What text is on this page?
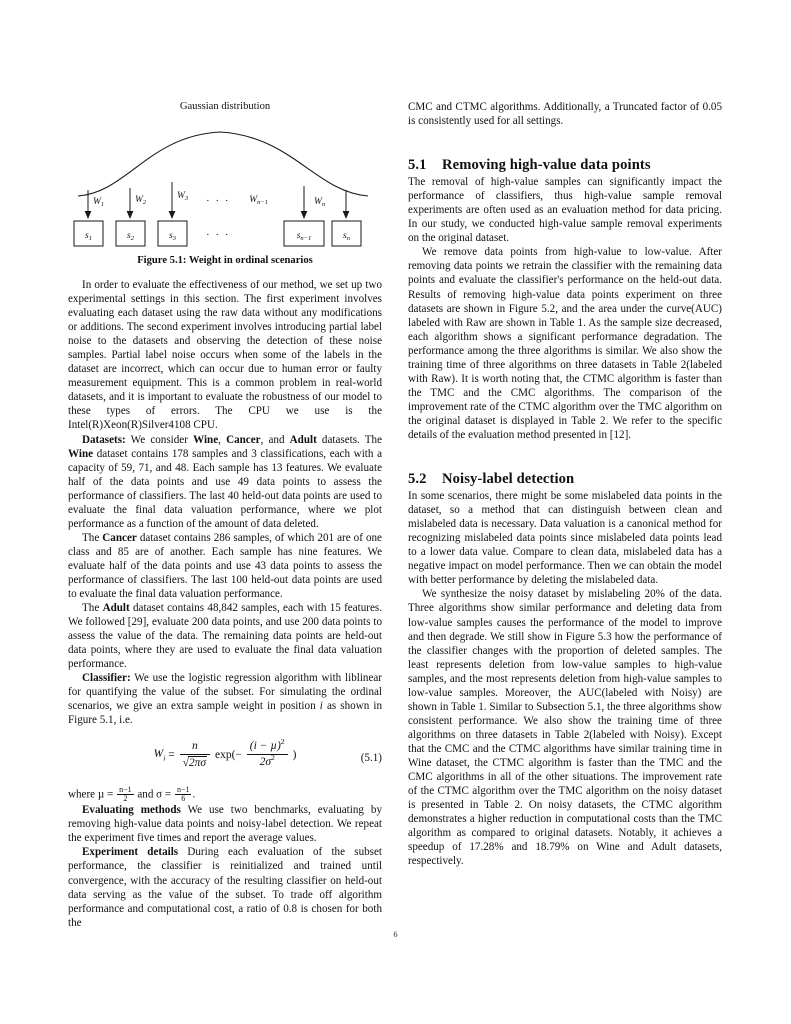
Gaussian distribution
$s_1$	$s_2$	$s_3$	$s_{n-1}$	$s_n$
$W_1$	$W_2$
$W_3$	$W_{n-1}$	$W_n$
· · ·
· · ·
Figure 5.1: Weight in ordinal scenarios

In order to evaluate the effectiveness of our method, we set up two experimental settings in this section. The first experiment involves evaluating each dataset using the raw data without any modifications or additions. The second experiment involves introducing partial label noise to the datasets and observing the detection of these noise samples. Partial label noise occurs when some of the labels in the dataset are incorrect, which can occur due to human error or faulty measurement equipment. This is a common problem in real-world datasets, and it is important to evaluate the robustness of our model to these types of errors. The CPU we use is the Intel(R)Xeon(R)Silver4108 CPU.

Datasets: We consider Wine, Cancer, and Adult datasets. The Wine dataset contains 178 samples and 3 classifications, each with a capacity of 59, 71, and 48. Each sample has 13 features. We evaluate half of the data points and use 49 data points to assess the performance of classifiers. The last 40 held-out data points are used to evaluate the final data valuation performance, where we plot performance as a function of the amount of data deleted.

The Cancer dataset contains 286 samples, of which 201 are of one class and 85 are of another. Each sample has nine features. We evaluate half of the data points and use 43 data points to assess the performance of classifiers. The last 100 held-out data points are used to evaluate the final data valuation performance.

The Adult dataset contains 48,842 samples, each with 15 features. We followed [29], evaluate 200 data points, and use 200 data points to assess the value of the data. The remaining data points are held-out data points, where they are used to evaluate the final data valuation performance.

Classifier: We use the logistic regression algorithm with liblinear for quantifying the value of the subset. For simulating the ordinal scenarios, we give an extra sample weight in position i as shown in Figure 5.1, i.e.

$W_i = \frac{n}{√2\pi\sigma} \exp(- \frac{(i - \mu)^2}{2\sigma^2}$ )	(5.1)

where $\mu = \frac{n-1}{2}$ and $\sigma = \frac{n-1}{6}$ .

Evaluating methods We use two benchmarks, evaluating by removing high-value data points and noisy-label detection. We repeat the experiment five times and report the average values.

Experiment details During each evaluation of the subset performance, the classifier is reinitialized and trained until convergence, with the accuracy of the resulting classifier on held-out data serving as the value of the subset. To trade off algorithm performance and computational cost, a ratio of 0.8 is chosen for both the

CMC and CTMC algorithms. Additionally, a Truncated factor of 0.05 is consistently used for all settings.

5.1 Removing high-value data points

The removal of high-value samples can significantly impact the performance of classifiers, thus high-value sample removal experiments are often used as an evaluation method for data pricing. In our study, we conducted high-value sample removal experiments on the original dataset.

We remove data points from high-value to low-value. After removing data points we retrain the classifier with the remaining data points and evaluate the classifier's performance on the held-out data. Results of removing high-value data points experiment on three datasets are shown in Figure 5.2, and the area under the curve(AUC) labeled with Raw are shown in Table 1. As the sample size decreased, each algorithm shows a significant performance degradation. The performance among the three algorithms is similar. We also show the training time of three algorithms on three datasets in Table 2(labeled with Raw). It is worth noting that, the CTMC algorithm is faster than the TMC and the CMC algorithms. The comparison of the improvement rate of the CTMC algorithm over the TMC algorithm on the original dataset is displayed in Table 2. We refer to the specific details of the evaluation method presented in [12].

5.2 Noisy-label detection

In some scenarios, there might be some mislabeled data points in the dataset, so a method that can distinguish between clean and mislabeled data is necessary. Data valuation is a canonical method for recognizing mislabeled data points since mislabeled data points lead to a lower data value. Compare to clean data, mislabeled data has a negative impact on model performance. Then we can obtain the model with better performance by deleting the mislabeled data.

We synthesize the noisy dataset by mislabeling 20% of the data. Three algorithms show similar performance and deleting data from low-value samples causes the performance of the model to improve and then degrade. We still show in Figure 5.3 how the performance of the classifier changes with the proportion of deleted samples. The least represents deletion from low-value samples to high-value samples, and the most represents deletion from high-value samples to low-value samples. Moreover, the AUC(labeled with Noisy) are shown in Table 1. Similar to Subsection 5.1, the three algorithms show consistent performance. We also show the training time of three algorithms on three datasets in Table 2(labeled with Noisy). Except that the CMC and the CTMC algorithms have similar training time in Wine dataset, the CTMC algorithm is faster than the TMC and the CMC algorithms in all of the other situations. The improvement rate of the CTMC algorithm over the TMC algorithm on the noisy dataset is presented in Table 2. On noisy datasets, the CTMC algorithm demonstrates a higher reduction in computational costs than the TMC algorithm as compared to original datasets. Notably, it achieves a speedup of 17.28% and 18.79% on Wine and Adult datasets, respectively.

6
